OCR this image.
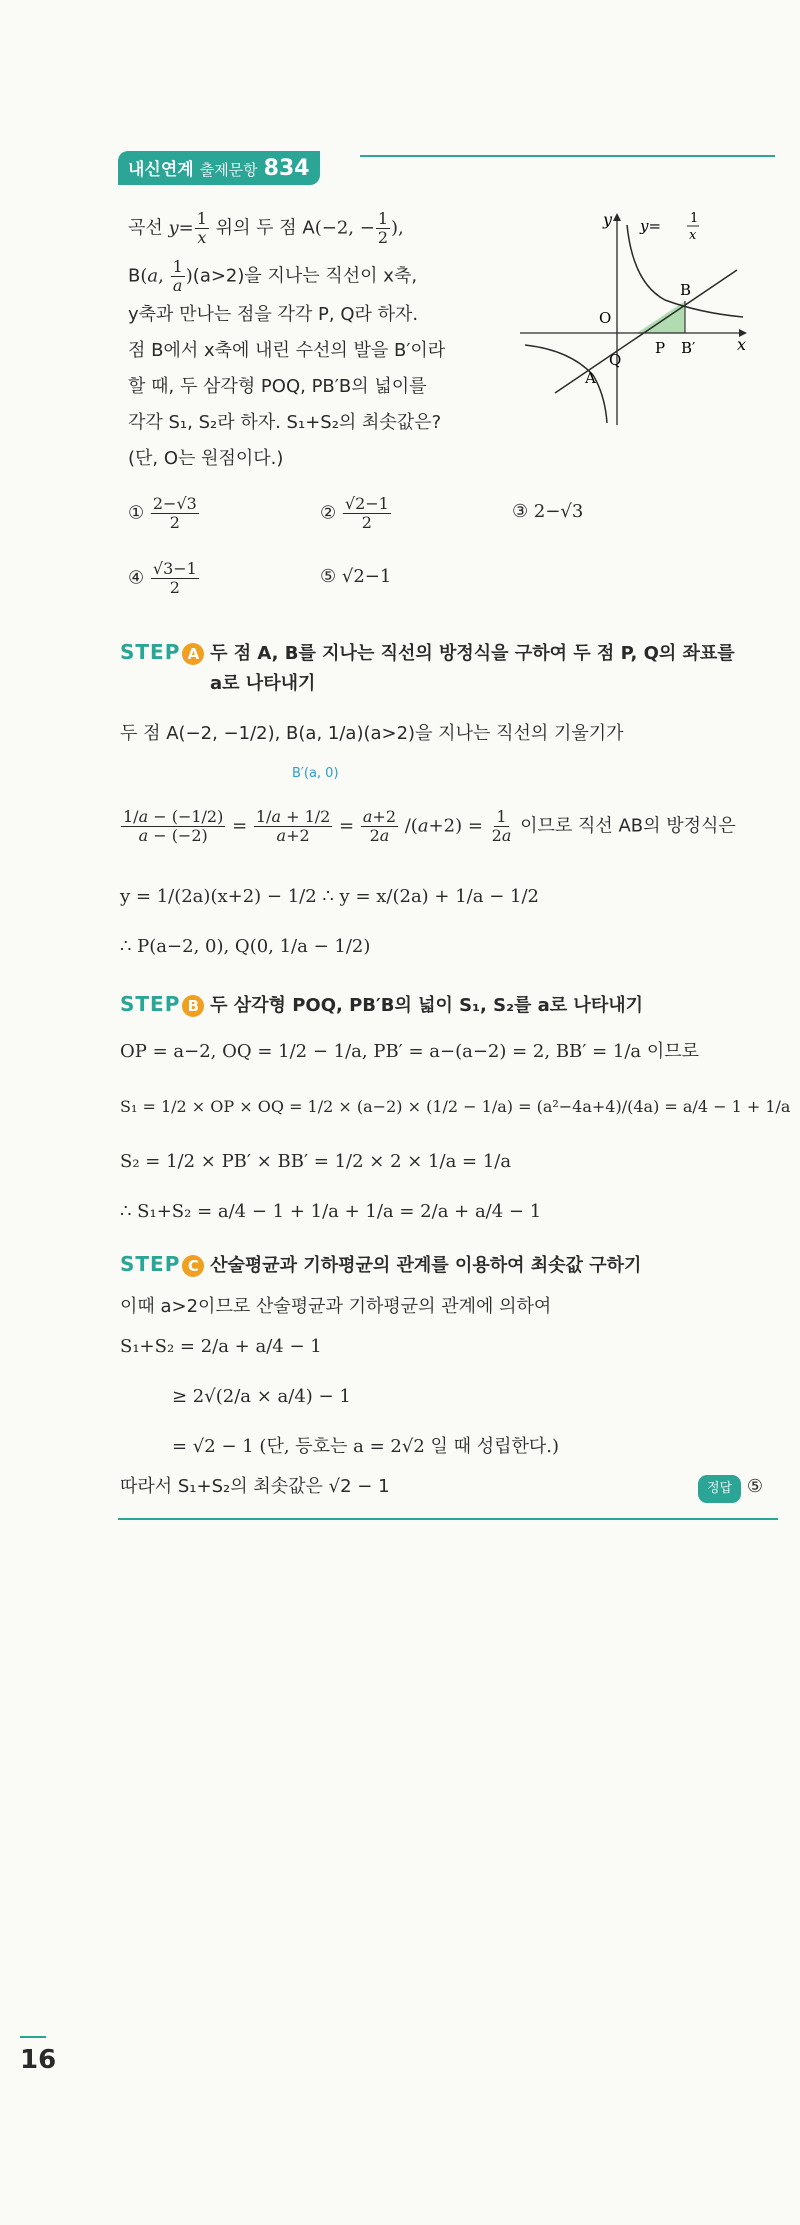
내신연계 출제문항 834
곡선 $y= \frac{1}{x}$ 위의 두 점 A(−2, − $\frac{1}{2}$ ),
B(a, $\frac{1}{a} )(a>2)$을 지나는 직선이 x축,
y축과 만나는 점을 각각 P, Q라 하자.
점 B에서 x축에 내린 수선의 발을 B′이라
할 때, 두 삼각형 POQ, PB′B의 넓이를
각각 S₁, S₂라 하자. S₁+S₂의 최솟값은?
(단, O는 원점이다.)
y
x
y= 1
x
O
B
P B′
Q
A
① $\frac{2-√3}{2}$	② $\frac{√2-1}{2}$	③ 2−√3
④ $\frac{√3-1}{2}$	⑤ √2−1
STEP A 두 점 A, B를 지나는 직선의 방정식을 구하여 두 점 P, Q의 좌표를
a로 나타내기
두 점 A(−2, −1/2), B(a, 1/a)(a>2)을 지나는 직선의 기울기가
B′(a, 0)
$\frac{1/a - (-1/2)}{a - (-2)} = \frac{1/a + 1/2}{a+2} = \frac{a+2}{2a} /(a+2) = \frac{1}{2a}$ 이므로 직선 AB의 방정식은
y = 1/(2a)(x+2) − 1/2 ∴ y = x/(2a) + 1/a − 1/2
∴ P(a−2, 0), Q(0, 1/a − 1/2)
STEP B 두 삼각형 POQ, PB′B의 넓이 S₁, S₂를 a로 나타내기
OP = a−2, OQ = 1/2 − 1/a, PB′ = a−(a−2) = 2, BB′ = 1/a 이므로
S₁ = 1/2 × OP × OQ = 1/2 × (a−2) × (1/2 − 1/a) = (a²−4a+4)/(4a) = a/4 − 1 + 1/a
S₂ = 1/2 × PB′ × BB′ = 1/2 × 2 × 1/a = 1/a
∴ S₁+S₂ = a/4 − 1 + 1/a + 1/a = 2/a + a/4 − 1
STEP C 산술평균과 기하평균의 관계를 이용하여 최솟값 구하기
이때 a>2이므로 산술평균과 기하평균의 관계에 의하여
S₁+S₂ = 2/a + a/4 − 1
≥ 2√(2/a × a/4) − 1
= √2 − 1 (단, 등호는 a = 2√2 일 때 성립한다.)
따라서 S₁+S₂의 최솟값은 √2 − 1	정답 ⑤
16
